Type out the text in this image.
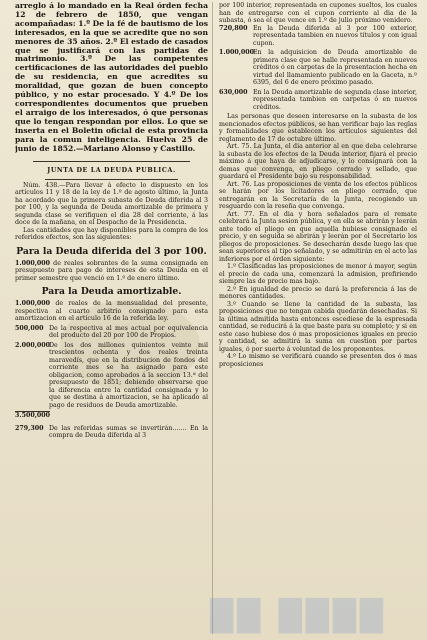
arreglo á lo mandado en la Real órden fecha 12 de febrero de 1850, que vengan acompañadas: 1.º De la fé de bautismo de los interesados, en la que se acredite que no son menores de 35 años. 2.º El estado de casados que se justificará con las partidas de matrimonio. 3.º De las competentes certificaciones de las autoridades del pueblo de su residencia, en que acredites su moralidad, que gozan de buen concepto público, y no estar procesado. Y 4.º De los correspondientes documentos que prueben el arraigo de los interesados, ó que personas que lo tengan respondan por ellos. Lo que se inserta en el Boletin oficial de esta provincia para la comun inteligencia. Huelva 25 de junio de 1852.—Mariano Alonso y Castillo.

JUNTA DE LA DEUDA PUBLICA.

Núm. 438.—Para llevar á efecto lo dispuesto en los artículos 11 y 18 de la ley de 1.º de agosto último, la Junta ha acordado que la primera subasta de Deuda diferida al 3 por 100, y la segunda de Deuda amortizable de primera y segunda clase se verifiquen el dia 28 del corriente, á las doce de la mañana, en el Despacho de la Presidencia.

Las cantidades que hay disponibles para la compra de los referidos efectos, son las siguientes:

Para la Deuda diferida del 3 por 100.

1.000,000 de reales sobrantes de la suma consignada en presupuesto para pago de intereses de esta Deuda en el primer semestre que venció en 1.º de enero último.

Para la Deuda amortizable.

1.000,000 de reales de la mensualidad del presente, respectiva al cuarto arbitrio consignado para esta amortizacion en el artículo 16 de la referida ley.
500,000 De la respectiva al mes actual por equivalencia del producto del 20 por 100 de Propios.
2.000,000
De los dos millones quinientos veinte mil trescientos ochenta y dos reales treinta maravedís, que en la distribucion de fondos del corriente mes se ha asignado para este obligacion, como aprobados á la seccion 13.ª del presupuesto de 1851; debiendo observarse que la diferencia entre la cantidad consignada y lo que se destina á amortizacion, se ha aplicado al pago de residuos de Deuda amortizable.
3.500,000

279,300 De las referidas sumas se invertirán....... En la compra de Deuda diferida al 3

por 100 interior, representada en cupones sueltos, los cuales han de entregarse con el cupon corriente al dia de la subasta, ó sea el que vence en 1.º de julio próximo venidero.

720,800 En la Deuda diferida al 3 por 100 exterior, representada tambien en nuevos títulos y con igual cupon.
1.000,000
En la adquisicion de Deuda amortizable de primera clase que se halle representada en nuevos créditos ó en carpetas de la presentacion hecha en virtud del llamamiento publicado en la Gaceta, n.º 6395, del 6 de enero próximo pasado.
630,000 En la Deuda amortizable de segunda clase interior, representada tambien en carpetas ó en nuevos créditos.

Las personas que deseen interesarse en la subasta de los mencionados efectos públicos, se han verificar bajo las reglas y formalidades que establecen los artículos siguientes del reglamento de 17 de octubre último.

Art. 75. La Junta, el dia anterior al en que deba celebrarse la subasta de los efectos de la Deuda interior, fijará el precio máximo á que haya de adjudicarse, y lo consignará con la demas que convenga, en pliego cerrado y sellado, que guardará el Presidente bajo su responsabilidad.

Art. 76. Las proposiciones de venta de los efectos públicos se harán por los licitadores en pliego cerrado, que entregarán en la Secretaría de la Junta, recogiendo un resguardo con la reseña que convenga.

Art. 77. En el dia y hora señalados para el remate celebrará la Junta sesion pública, y en ella se abrirán y leerán ante todo el pliego en que aquella hubiese consignado el precio, y en seguida se abrirán y leerán por el Secretario los pliegos de proposiciones. Se desecharán desde luego las que sean superiores al tipo señalado, y se admitirán en el acto las inferiores por el órden siguiente:

1.º Clasificadas las proposiciones de menor á mayor, según el precio de cada una, comenzará la admision, prefiriendo siempre las de precio mas bajo.

2.º En igualdad de precio se dará la preferencia á las de menores cantidades.

3.º Cuando se llene la cantidad de la subasta, las proposiciones que no tengan cabida quedarán desechadas. Si la última admitida hasta entonces escediese de la espresada cantidad, se reducirá á la que baste para su completo; y si en este caso hubiese dos ó mas proposiciones iguales en precio y cantidad, se admitirá la suma en cuestion por partes iguales, ó por suerte á voluntad de los proponentes.

4.º Lo mismo se verificará cuando se presenten dos ó mas proposiciones

██ ████
